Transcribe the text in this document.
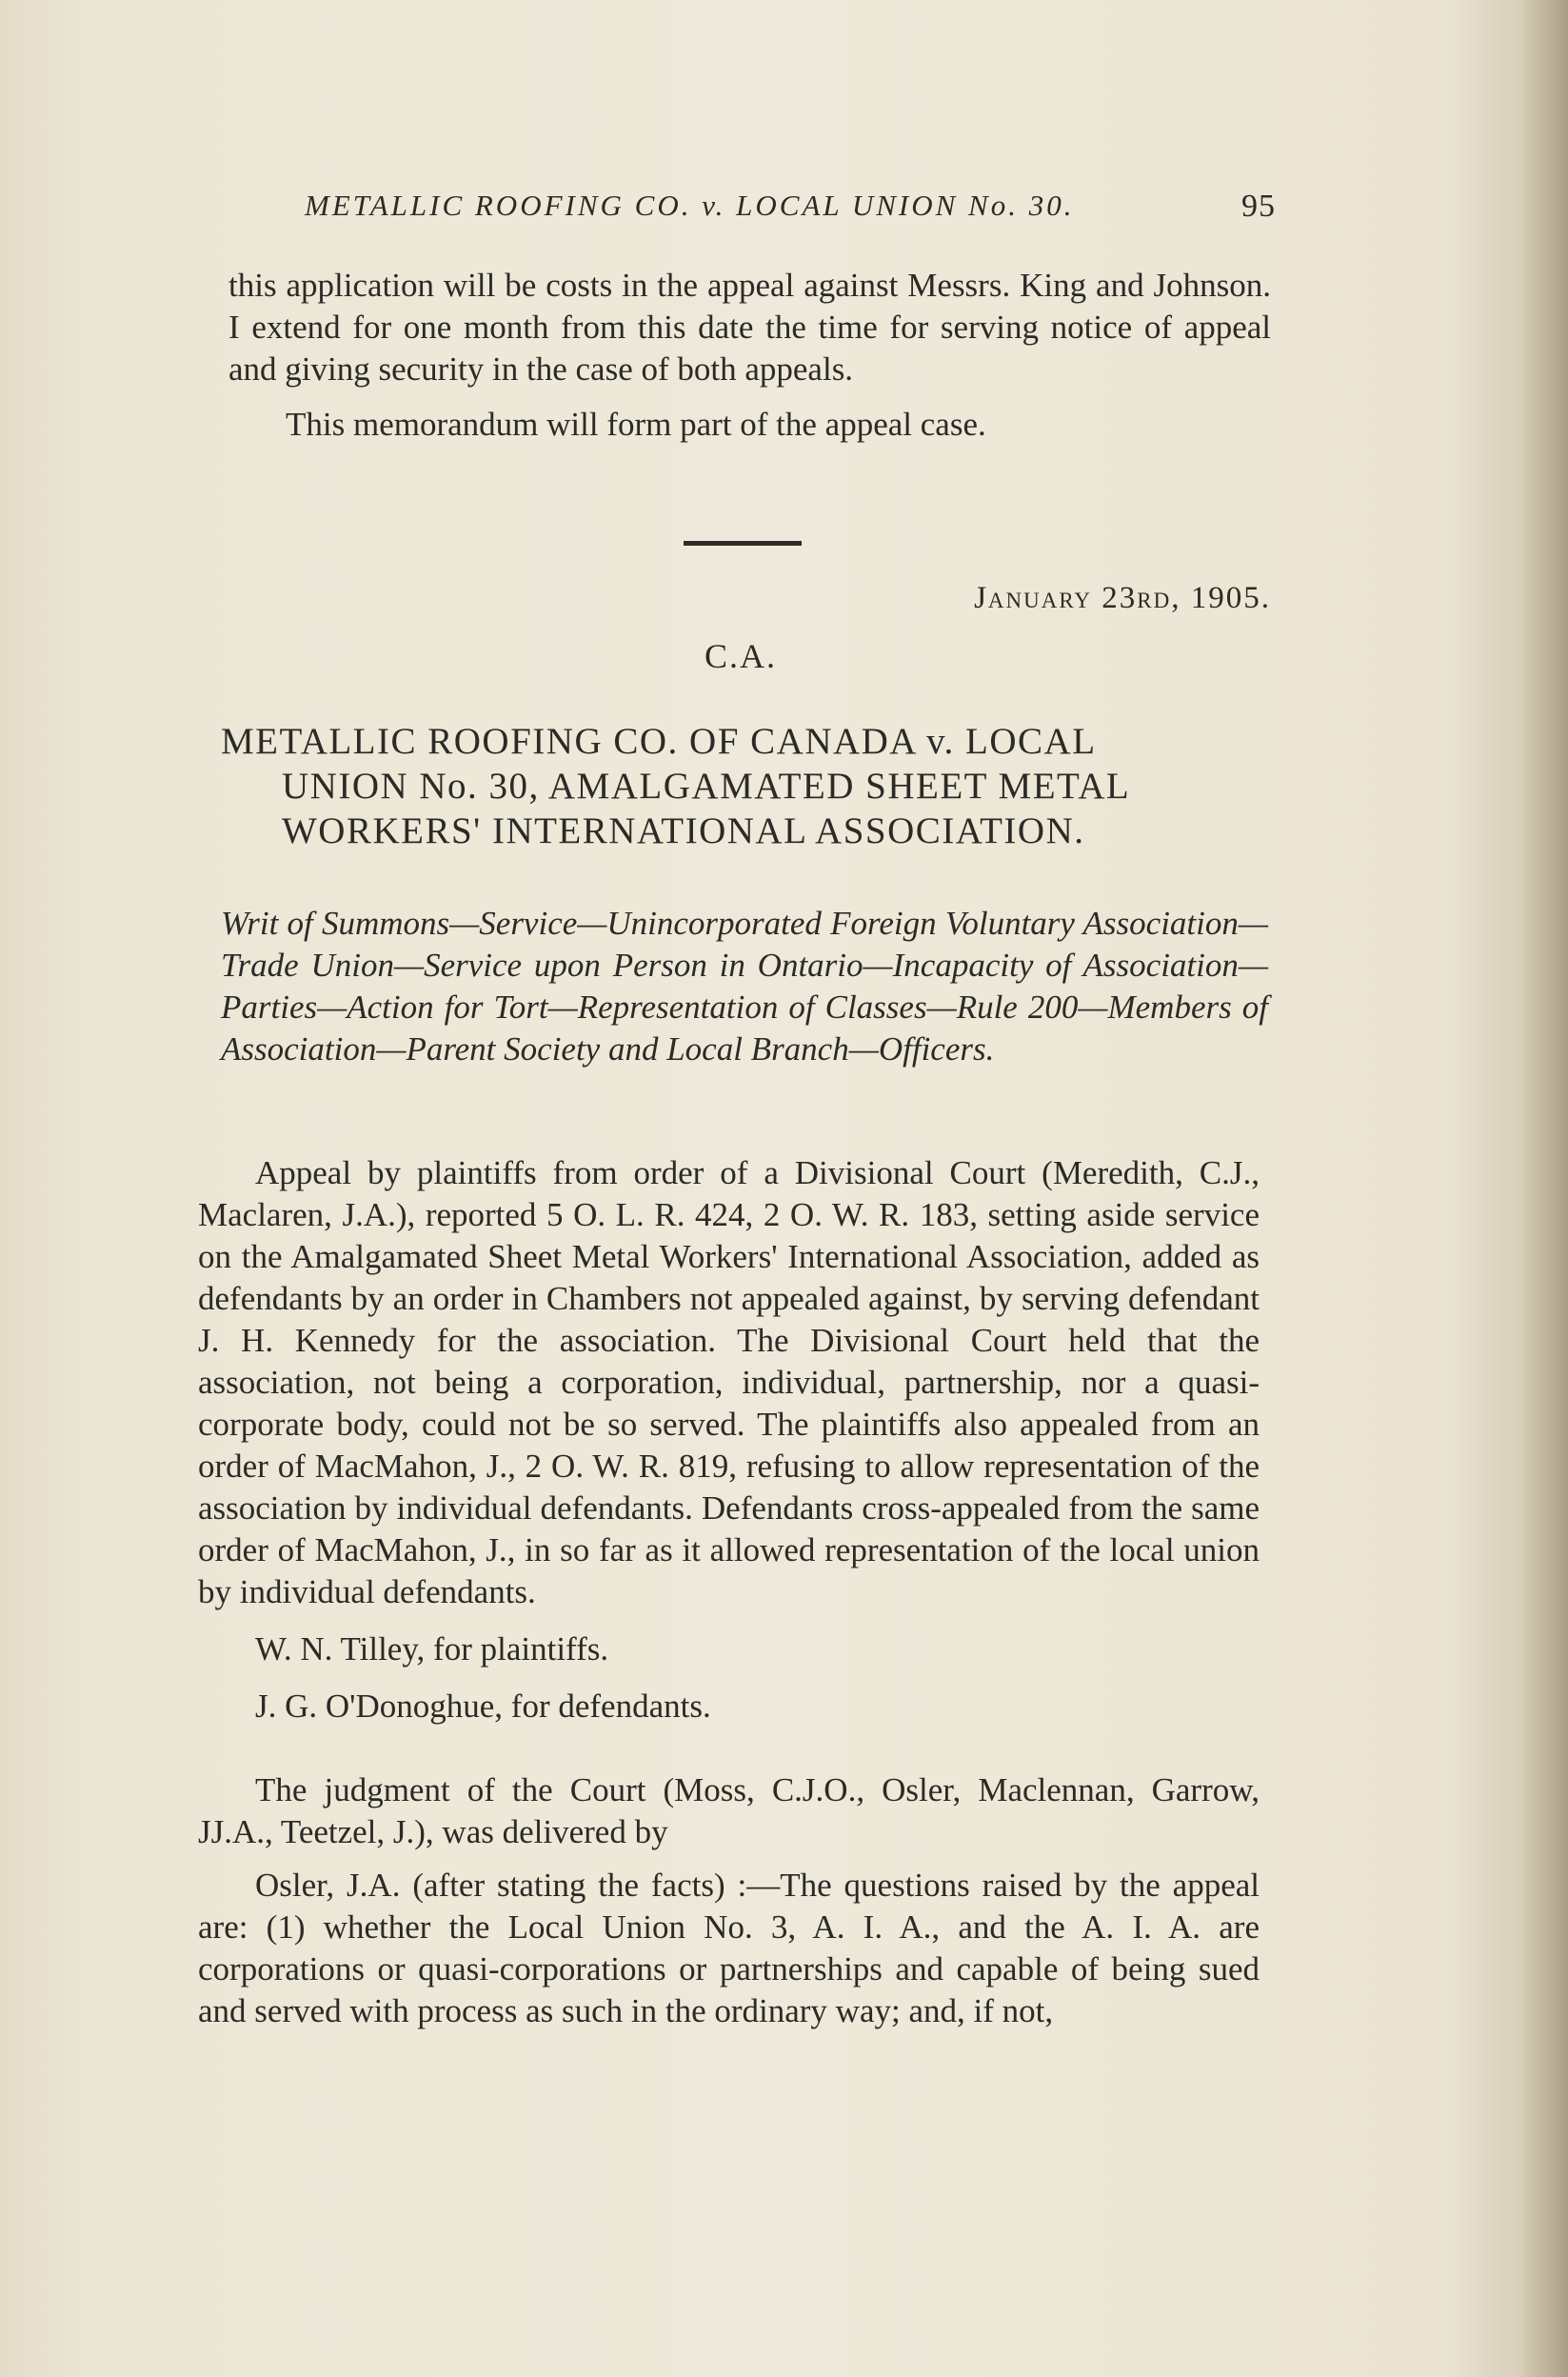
METALLIC ROOFING CO. v. LOCAL UNION No. 30.	95

this application will be costs in the appeal against Messrs. King and Johnson. I extend for one month from this date the time for serving notice of appeal and giving security in the case of both appeals.

This memorandum will form part of the appeal case.

January 23rd, 1905.
C.A.
METALLIC ROOFING CO. OF CANADA v. LOCAL
UNION No. 30, AMALGAMATED SHEET METAL
WORKERS' INTERNATIONAL ASSOCIATION.

Writ of Summons—Service—Unincorporated Foreign Voluntary Association—Trade Union—Service upon Person in Ontario—Incapacity of Association—Parties—Action for Tort—Representation of Classes—Rule 200—Members of Association—Parent Society and Local Branch—Officers.

Appeal by plaintiffs from order of a Divisional Court (Meredith, C.J., Maclaren, J.A.), reported 5 O. L. R. 424, 2 O. W. R. 183, setting aside service on the Amalgamated Sheet Metal Workers' International Association, added as defendants by an order in Chambers not appealed against, by serving defendant J. H. Kennedy for the association. The Divisional Court held that the association, not being a corporation, individual, partnership, nor a quasi-corporate body, could not be so served. The plaintiffs also appealed from an order of MacMahon, J., 2 O. W. R. 819, refusing to allow representation of the association by individual defendants. Defendants cross-appealed from the same order of MacMahon, J., in so far as it allowed representation of the local union by individual defendants.

W. N. Tilley, for plaintiffs.

J. G. O'Donoghue, for defendants.

The judgment of the Court (Moss, C.J.O., Osler, Maclennan, Garrow, JJ.A., Teetzel, J.), was delivered by

Osler, J.A. (after stating the facts) :—The questions raised by the appeal are: (1) whether the Local Union No. 3, A. I. A., and the A. I. A. are corporations or quasi-corporations or partnerships and capable of being sued and served with process as such in the ordinary way; and, if not,
